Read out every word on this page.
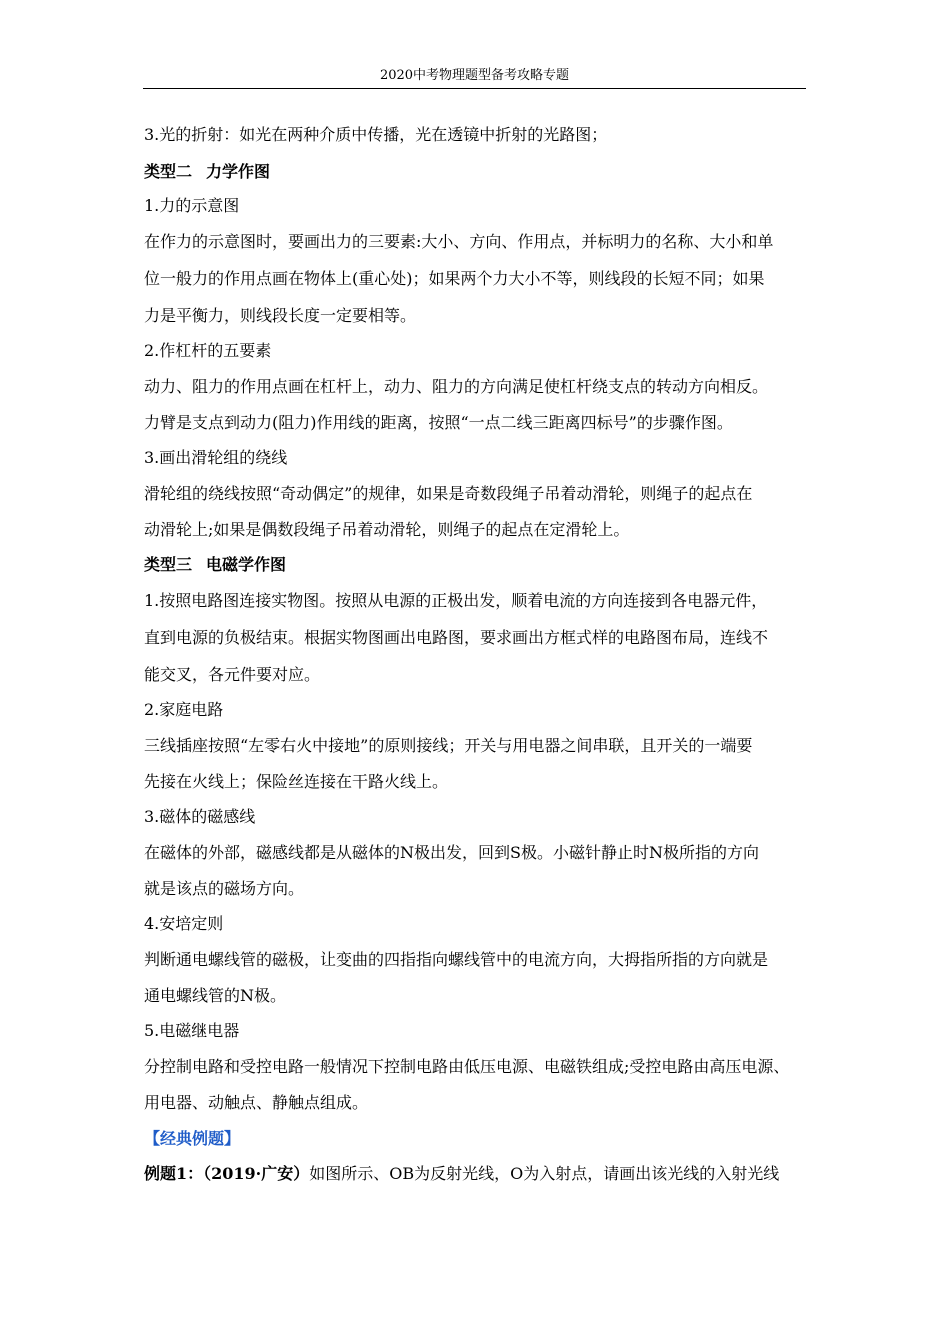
2020中考物理题型备考攻略专题
3.光的折射：如光在两种介质中传播，光在透镜中折射的光路图；
类型二 力学作图
1.力的示意图
在作力的示意图时，要画出力的三要素:大小、方向、作用点，并标明力的名称、大小和单
位一般力的作用点画在物体上(重心处)；如果两个力大小不等，则线段的长短不同；如果
力是平衡力，则线段长度一定要相等。
2.作杠杆的五要素
动力、阻力的作用点画在杠杆上，动力、阻力的方向满足使杠杆绕支点的转动方向相反。
力臂是支点到动力(阻力)作用线的距离，按照“一点二线三距离四标号”的步骤作图。
3.画出滑轮组的绕线
滑轮组的绕线按照“奇动偶定”的规律，如果是奇数段绳子吊着动滑轮，则绳子的起点在
动滑轮上;如果是偶数段绳子吊着动滑轮，则绳子的起点在定滑轮上。
类型三 电磁学作图
1.按照电路图连接实物图。按照从电源的正极出发，顺着电流的方向连接到各电器元件，
直到电源的负极结束。根据实物图画出电路图，要求画出方框式样的电路图布局，连线不
能交叉，各元件要对应。
2.家庭电路
三线插座按照“左零右火中接地”的原则接线；开关与用电器之间串联，且开关的一端要
先接在火线上；保险丝连接在干路火线上。
3.磁体的磁感线
在磁体的外部，磁感线都是从磁体的N极出发，回到S极。小磁针静止时N极所指的方向
就是该点的磁场方向。
4.安培定则
判断通电螺线管的磁极，让变曲的四指指向螺线管中的电流方向，大拇指所指的方向就是
通电螺线管的N极。
5.电磁继电器
分控制电路和受控电路一般情况下控制电路由低压电源、电磁铁组成;受控电路由高压电源、
用电器、动触点、静触点组成。
【经典例题】
例题1：（2019·广安）如图所示、OB为反射光线，O为入射点，请画出该光线的入射光线
